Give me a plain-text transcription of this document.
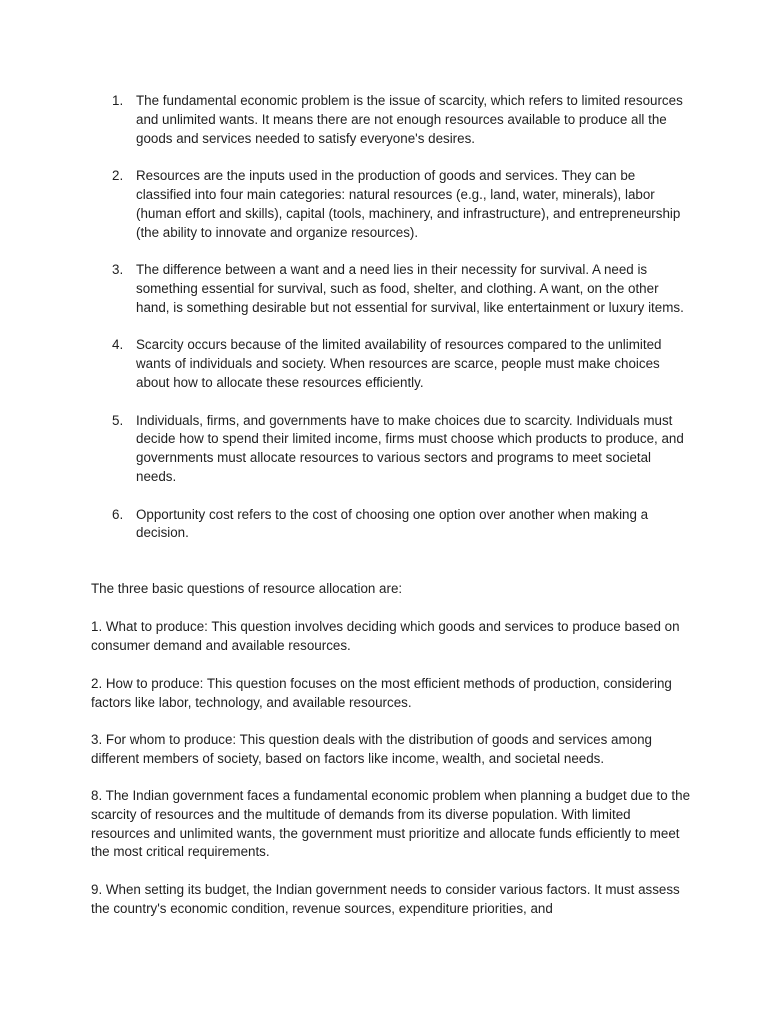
1. The fundamental economic problem is the issue of scarcity, which refers to limited resources and unlimited wants. It means there are not enough resources available to produce all the goods and services needed to satisfy everyone's desires.
2. Resources are the inputs used in the production of goods and services. They can be classified into four main categories: natural resources (e.g., land, water, minerals), labor (human effort and skills), capital (tools, machinery, and infrastructure), and entrepreneurship (the ability to innovate and organize resources).
3. The difference between a want and a need lies in their necessity for survival. A need is something essential for survival, such as food, shelter, and clothing. A want, on the other hand, is something desirable but not essential for survival, like entertainment or luxury items.
4. Scarcity occurs because of the limited availability of resources compared to the unlimited wants of individuals and society. When resources are scarce, people must make choices about how to allocate these resources efficiently.
5. Individuals, firms, and governments have to make choices due to scarcity. Individuals must decide how to spend their limited income, firms must choose which products to produce, and governments must allocate resources to various sectors and programs to meet societal needs.
6. Opportunity cost refers to the cost of choosing one option over another when making a decision.

The three basic questions of resource allocation are:

1. What to produce: This question involves deciding which goods and services to produce based on consumer demand and available resources.

2. How to produce: This question focuses on the most efficient methods of production, considering factors like labor, technology, and available resources.

3. For whom to produce: This question deals with the distribution of goods and services among different members of society, based on factors like income, wealth, and societal needs.

8. The Indian government faces a fundamental economic problem when planning a budget due to the scarcity of resources and the multitude of demands from its diverse population. With limited resources and unlimited wants, the government must prioritize and allocate funds efficiently to meet the most critical requirements.

9. When setting its budget, the Indian government needs to consider various factors. It must assess the country's economic condition, revenue sources, expenditure priorities, and
